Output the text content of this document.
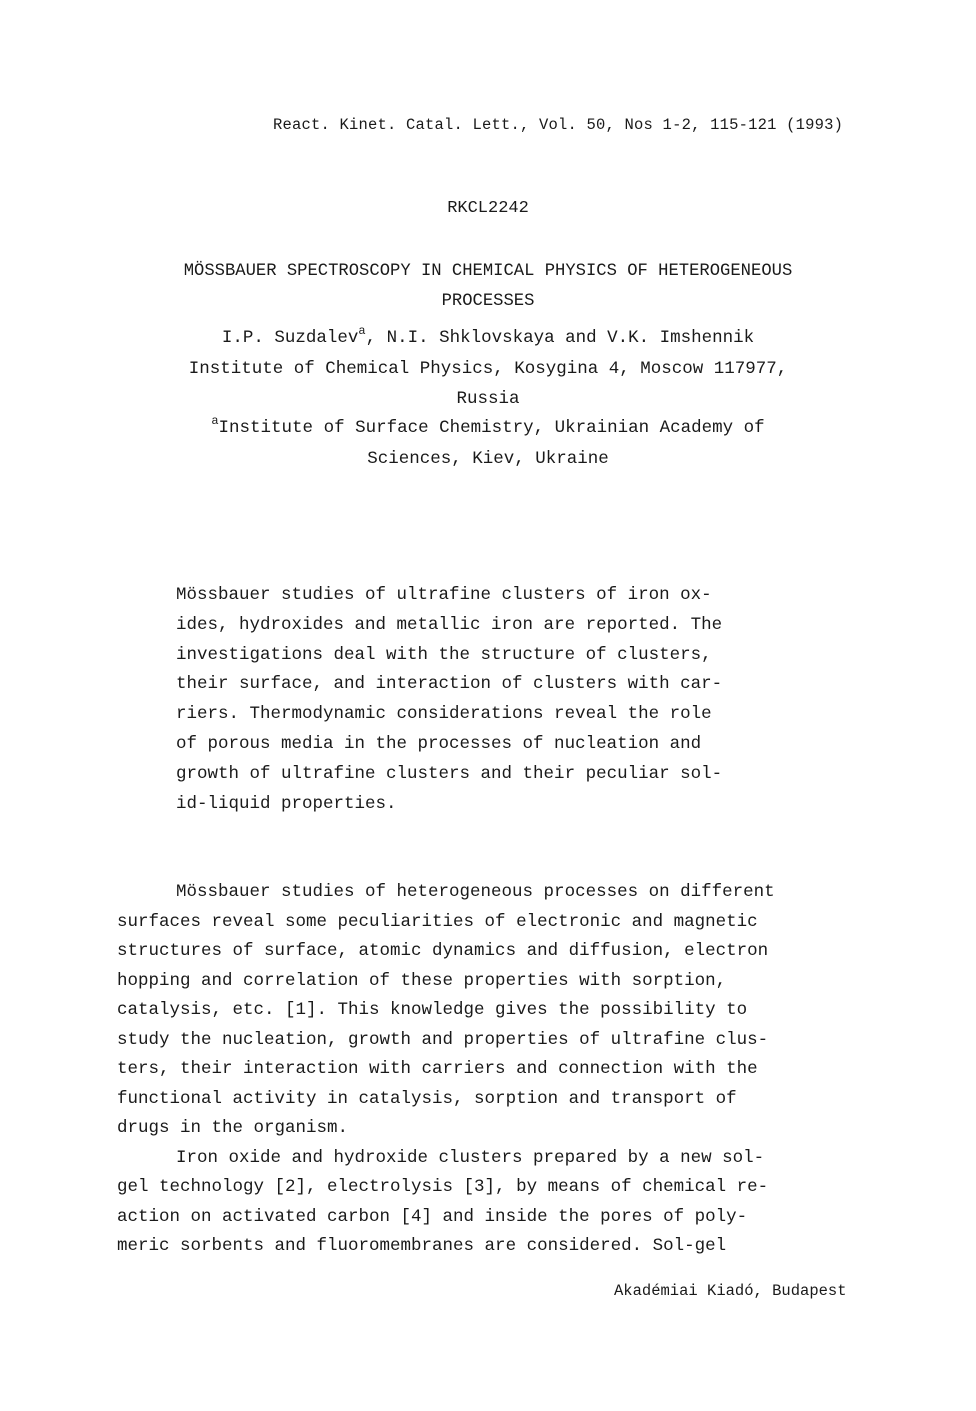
React. Kinet. Catal. Lett., Vol. 50, Nos 1-2, 115-121 (1993)
RKCL2242
MÖSSBAUER SPECTROSCOPY IN CHEMICAL PHYSICS OF HETEROGENEOUS
PROCESSES
I.P. Suzdalev$^a$, N.I. Shklovskaya and V.K. Imshennik
Institute of Chemical Physics, Kosygina 4, Moscow 117977,
Russia
$^a$Institute of Surface Chemistry, Ukrainian Academy of
Sciences, Kiev, Ukraine
Mössbauer studies of ultrafine clusters of iron ox-
ides, hydroxides and metallic iron are reported. The
investigations deal with the structure of clusters,
their surface, and interaction of clusters with car-
riers. Thermodynamic considerations reveal the role
of porous media in the processes of nucleation and
growth of ultrafine clusters and their peculiar sol-
id-liquid properties.
Mössbauer studies of heterogeneous processes on different
surfaces reveal some peculiarities of electronic and magnetic
structures of surface, atomic dynamics and diffusion, electron
hopping and correlation of these properties with sorption,
catalysis, etc. [1]. This knowledge gives the possibility to
study the nucleation, growth and properties of ultrafine clus-
ters, their interaction with carriers and connection with the
functional activity in catalysis, sorption and transport of
drugs in the organism.
Iron oxide and hydroxide clusters prepared by a new sol-
gel technology [2], electrolysis [3], by means of chemical re-
action on activated carbon [4] and inside the pores of poly-
meric sorbents and fluoromembranes are considered. Sol-gel
Akadémiai Kiadó, Budapest
